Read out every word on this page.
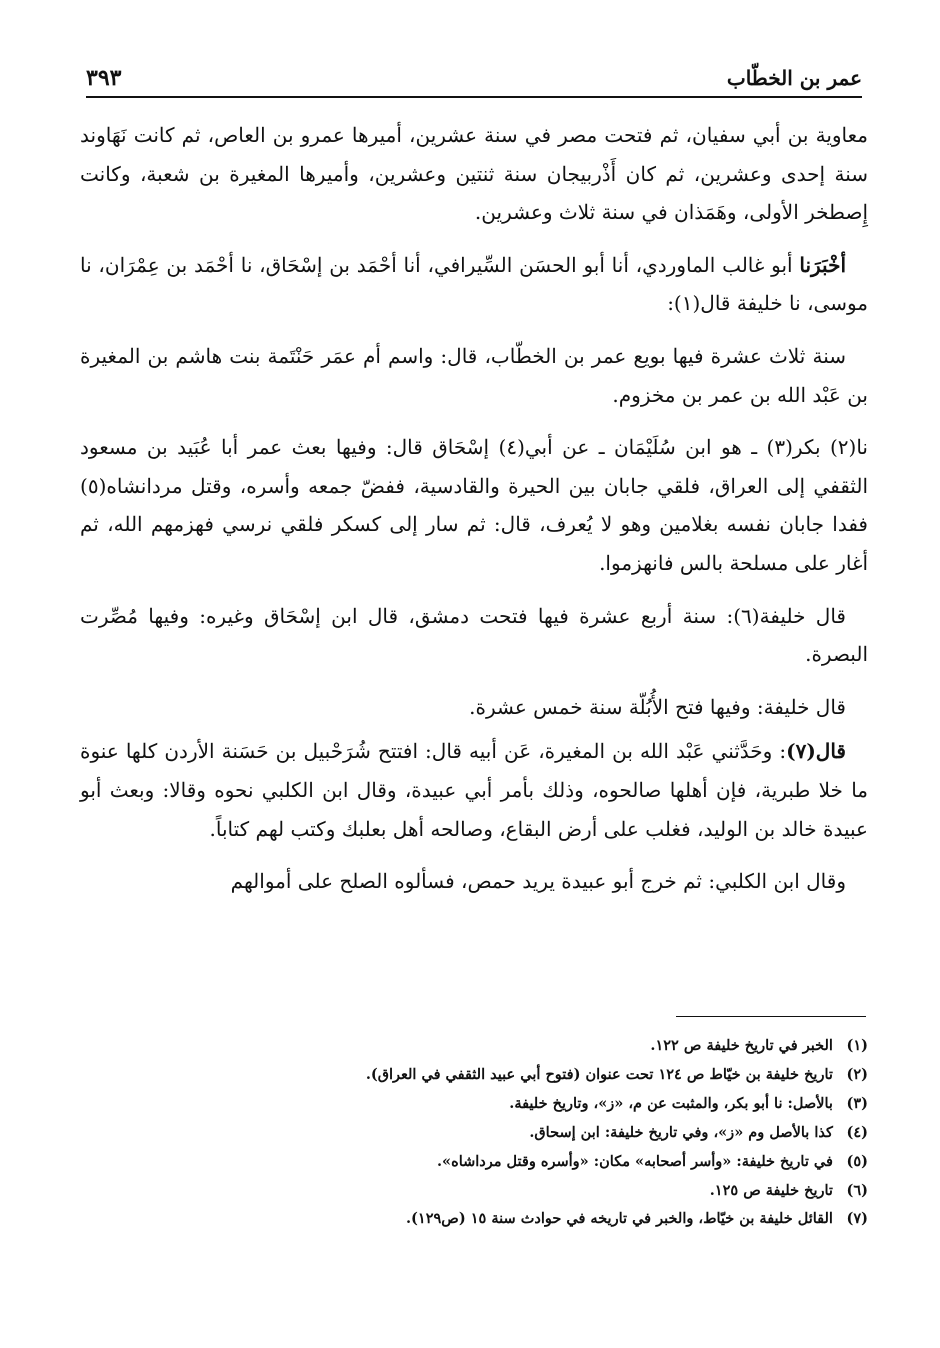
عمر بن الخطّاب
٣٩٣

معاوية بن أبي سفيان، ثم فتحت مصر في سنة عشرين، أميرها عمرو بن العاص، ثم كانت نَهَاوند سنة إحدى وعشرين، ثم كان أَذْربيجان سنة ثنتين وعشرين، وأميرها المغيرة بن شعبة، وكانت إِصطخر الأولى، وهَمَذان في سنة ثلاث وعشرين.

أخْبَرَنا أبو غالب الماوردي، أنا أبو الحسَن السِّيرافي، أنا أحْمَد بن إسْحَاق، نا أحْمَد بن عِمْرَان، نا موسى، نا خليفة قال(١):

سنة ثلاث عشرة فيها بويع عمر بن الخطّاب، قال: واسم أم عمَر حَنْتَمة بنت هاشم بن المغيرة بن عَبْد الله بن عمر بن مخزوم.

نا(٢) بكر(٣) ـ هو ابن سُلَيْمَان ـ عن أبي(٤) إسْحَاق قال: وفيها بعث عمر أبا عُبَيد بن مسعود الثقفي إلى العراق، فلقي جابان بين الحيرة والقادسية، ففضّ جمعه وأسره، وقتل مردانشاه(٥) ففدا جابان نفسه بغلامين وهو لا يُعرف، قال: ثم سار إلى كسكر فلقي نرسي فهزمهم الله، ثم أغار على مسلحة بالس فانهزموا.

قال خليفة(٦): سنة أربع عشرة فيها فتحت دمشق، قال ابن إسْحَاق وغيره: وفيها مُصِّرت البصرة.

قال خليفة: وفيها فتح الأُبُلّة سنة خمس عشرة.

قال(٧): وحَدَّثني عَبْد الله بن المغيرة، عَن أبيه قال: افتتح شُرَحْبيل بن حَسَنة الأردن كلها عنوة ما خلا طبرية، فإن أهلها صالحوه، وذلك بأمر أبي عبيدة، وقال ابن الكلبي نحوه وقالا: وبعث أبو عبيدة خالد بن الوليد، فغلب على أرض البقاع، وصالحه أهل بعلبك وكتب لهم كتاباً.

وقال ابن الكلبي: ثم خرج أبو عبيدة يريد حمص، فسألوه الصلح على أموالهم

(١) الخبر في تاريخ خليفة ص ١٢٢.
(٢) تاريخ خليفة بن خيّاط ص ١٢٤ تحت عنوان (فتوح أبي عبيد الثقفي في العراق).
(٣) بالأصل: نا أبو بكر، والمثبت عن م، «ز»، وتاريخ خليفة.
(٤) كذا بالأصل وم «ز»، وفي تاريخ خليفة: ابن إسحاق.
(٥) في تاريخ خليفة: «وأسر أصحابه» مكان: «وأسره وقتل مرداشاه».
(٦) تاريخ خليفة ص ١٢٥.
(٧) القائل خليفة بن خيّاط، والخبر في تاريخه في حوادث سنة ١٥ (ص١٢٩).
